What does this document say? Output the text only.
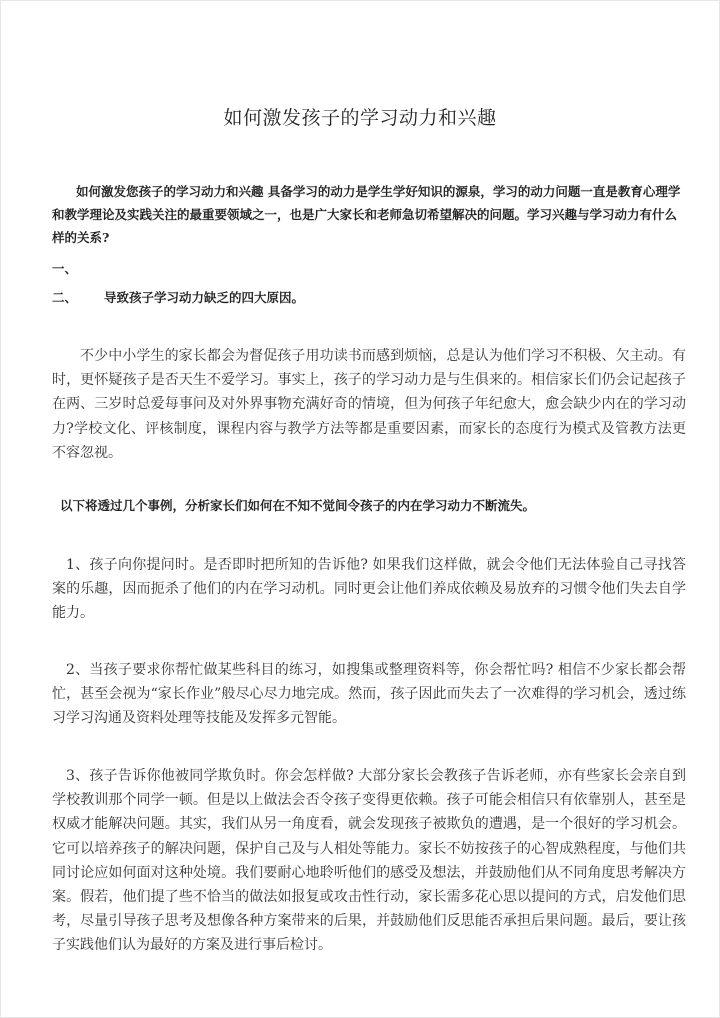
如何激发孩子的学习动力和兴趣

如何激发您孩子的学习动力和兴趣 具备学习的动力是学生学好知识的源泉，学习的动力问题一直是教育心理学和教学理论及实践关注的最重要领域之一，也是广大家长和老师急切希望解决的问题。学习兴趣与学习动力有什么样的关系?

一、

二、 导致孩子学习动力缺乏的四大原因。

不少中小学生的家长都会为督促孩子用功读书而感到烦恼，总是认为他们学习不积极、欠主动。有时，更怀疑孩子是否天生不爱学习。事实上，孩子的学习动力是与生俱来的。相信家长们仍会记起孩子在两、三岁时总爱每事问及对外界事物充满好奇的情境，但为何孩子年纪愈大，愈会缺少内在的学习动力?学校文化、评核制度，课程内容与教学方法等都是重要因素，而家长的态度行为模式及管教方法更不容忽视。

以下将透过几个事例，分析家长们如何在不知不觉间令孩子的内在学习动力不断流失。

1、孩子向你提问时。是否即时把所知的告诉他? 如果我们这样做，就会令他们无法体验自己寻找答案的乐趣，因而扼杀了他们的内在学习动机。同时更会让他们养成依赖及易放弃的习惯令他们失去自学能力。

2、当孩子要求你帮忙做某些科目的练习，如搜集或整理资料等，你会帮忙吗? 相信不少家长都会帮忙，甚至会视为“家长作业”般尽心尽力地完成。然而，孩子因此而失去了一次难得的学习机会，透过练习学习沟通及资料处理等技能及发挥多元智能。

3、孩子告诉你他被同学欺负时。你会怎样做? 大部分家长会教孩子告诉老师，亦有些家长会亲自到学校教训那个同学一顿。但是以上做法会否令孩子变得更依赖。孩子可能会相信只有依靠别人，甚至是权威才能解决问题。其实，我们从另一角度看，就会发现孩子被欺负的遭遇，是一个很好的学习机会。它可以培养孩子的解决问题，保护自己及与人相处等能力。家长不妨按孩子的心智成熟程度，与他们共同讨论应如何面对这种处境。我们要耐心地聆听他们的感受及想法，并鼓励他们从不同角度思考解决方案。假若，他们提了些不恰当的做法如报复或攻击性行动，家长需多花心思以提问的方式，启发他们思考，尽量引导孩子思考及想像各种方案带来的后果，并鼓励他们反思能否承担后果问题。最后，要让孩子实践他们认为最好的方案及进行事后检讨。
